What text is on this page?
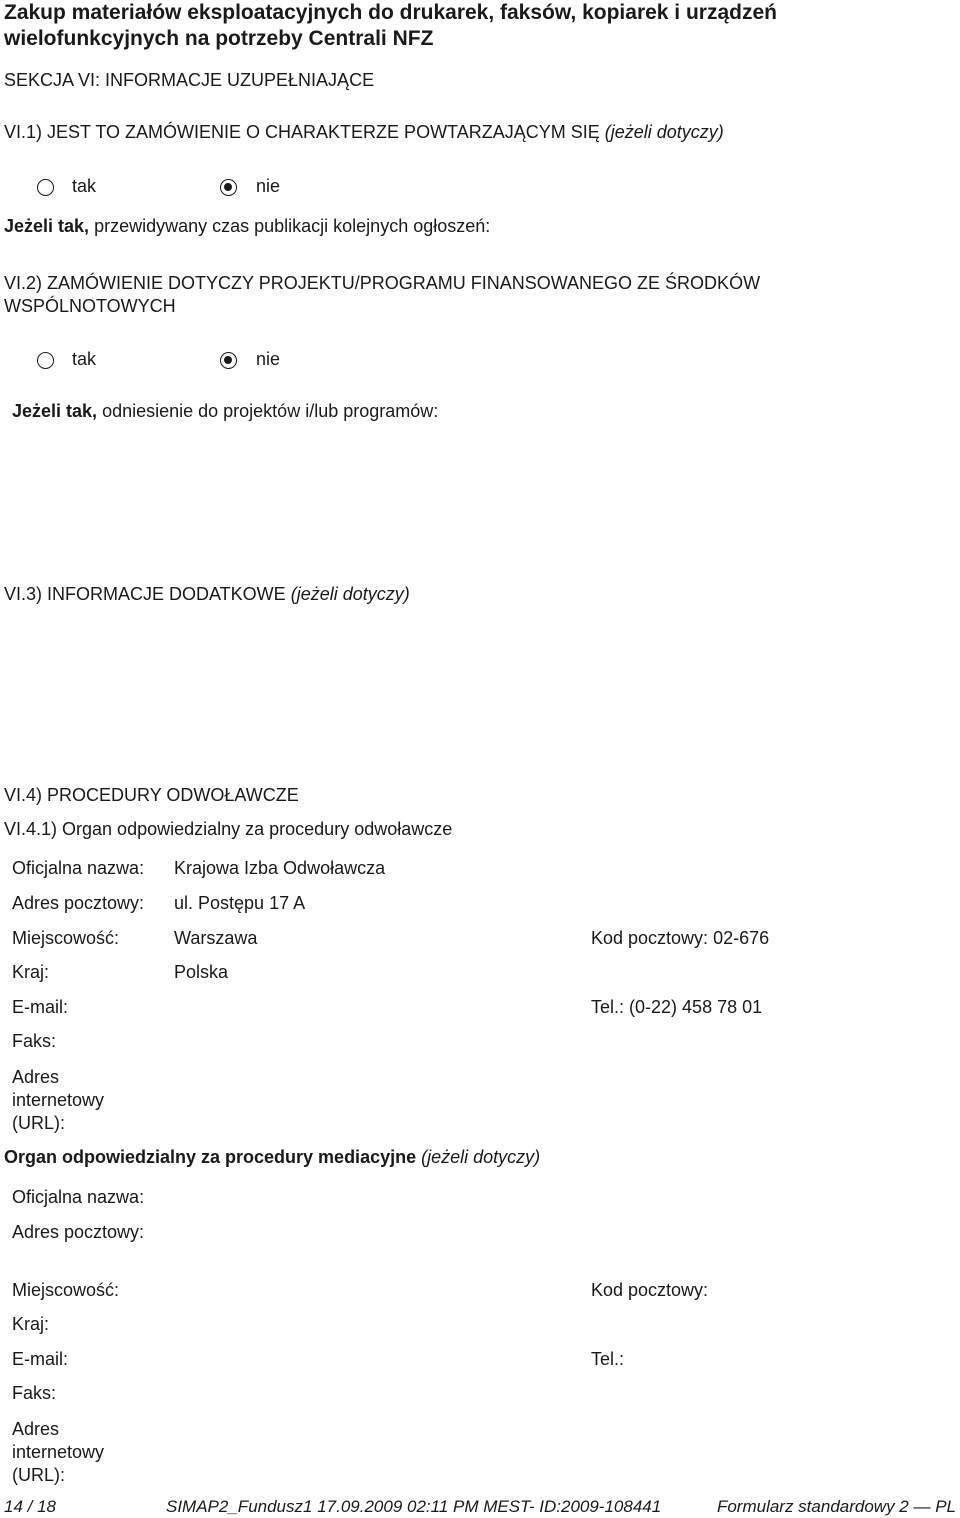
Zakup materiałów eksploatacyjnych do drukarek, faksów, kopiarek i urządzeń
wielofunkcyjnych na potrzeby Centrali NFZ
SEKCJA VI: INFORMACJE UZUPEŁNIAJĄCE
VI.1) JEST TO ZAMÓWIENIE O CHARAKTERZE POWTARZAJĄCYM SIĘ (jeżeli dotyczy)
tak	nie
Jeżeli tak, przewidywany czas publikacji kolejnych ogłoszeń:
VI.2) ZAMÓWIENIE DOTYCZY PROJEKTU/PROGRAMU FINANSOWANEGO ZE ŚRODKÓW
WSPÓLNOTOWYCH
tak	nie
Jeżeli tak, odniesienie do projektów i/lub programów:
VI.3) INFORMACJE DODATKOWE (jeżeli dotyczy)
VI.4) PROCEDURY ODWOŁAWCZE
VI.4.1) Organ odpowiedzialny za procedury odwoławcze
Oficjalna nazwa: Krajowa Izba Odwoławcza
Adres pocztowy: ul. Postępu 17 A
Miejscowość:	Warszawa	Kod pocztowy: 02-676
Kraj:	Polska
E-mail:	Tel.: (0-22) 458 78 01
Faks:
Adres
internetowy
(URL):
Organ odpowiedzialny za procedury mediacyjne (jeżeli dotyczy)
Oficjalna nazwa:
Adres pocztowy:
Miejscowość:	Kod pocztowy:
Kraj:
E-mail:	Tel.:
Faks:
Adres
internetowy
(URL):
14 / 18	SIMAP2_Fundusz1 17.09.2009 02:11 PM MEST- ID:2009-108441	Formularz standardowy 2 — PL
